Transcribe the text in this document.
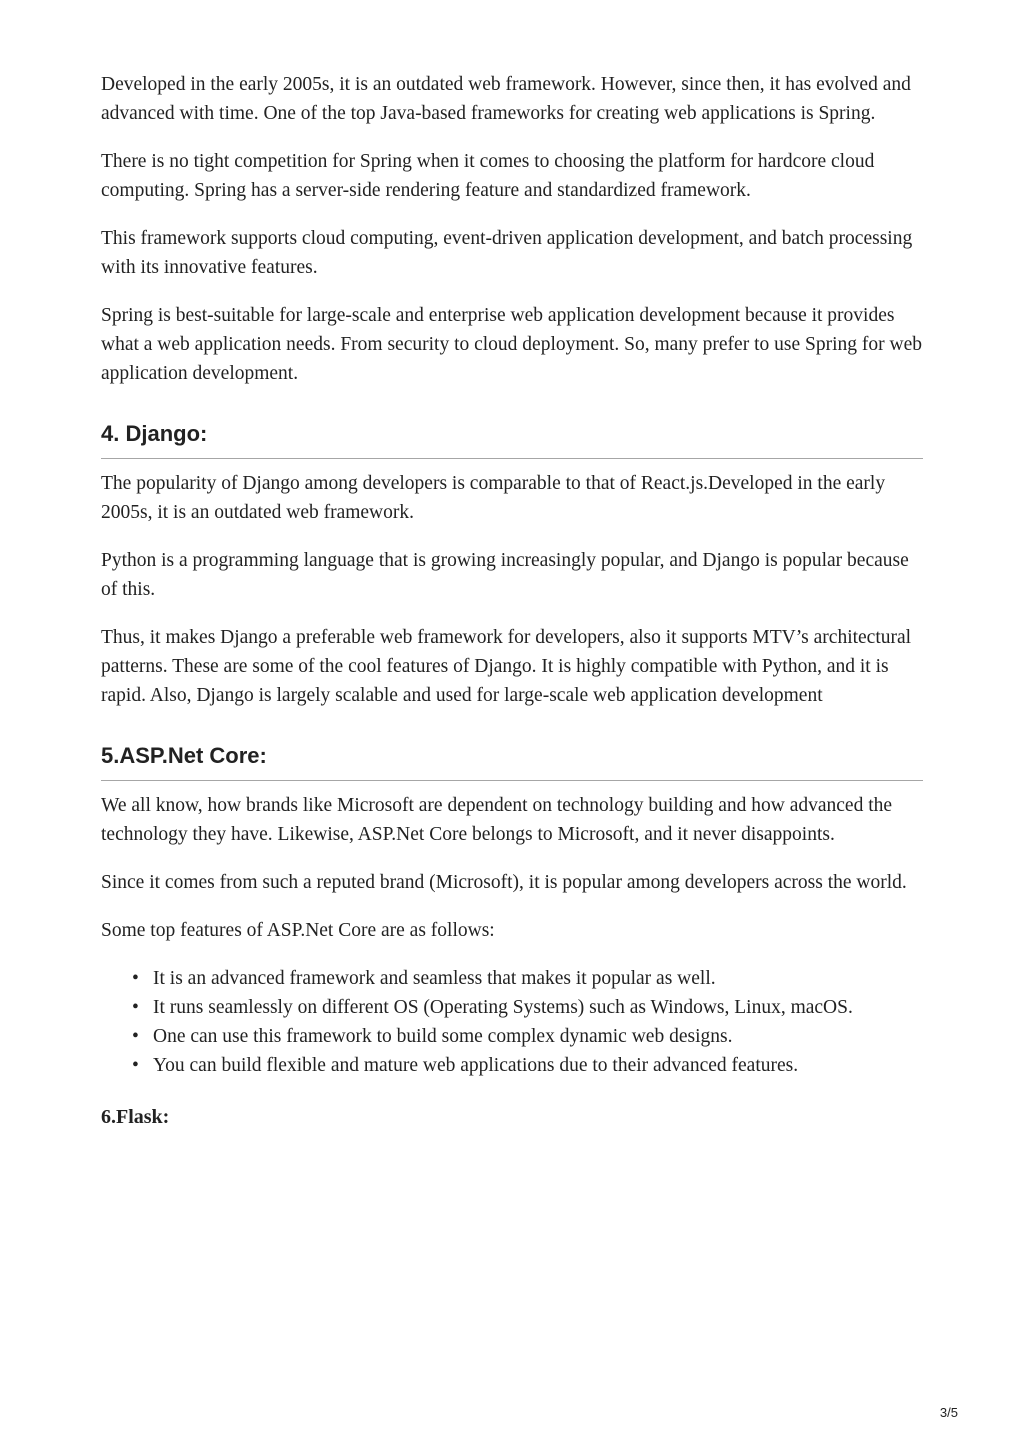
Developed in the early 2005s, it is an outdated web framework. However, since then, it has evolved and advanced with time. One of the top Java-based frameworks for creating web applications is Spring.

There is no tight competition for Spring when it comes to choosing the platform for hardcore cloud computing. Spring has a server-side rendering feature and standardized framework.

This framework supports cloud computing, event-driven application development, and batch processing with its innovative features.

Spring is best-suitable for large-scale and enterprise web application development because it provides what a web application needs. From security to cloud deployment. So, many prefer to use Spring for web application development.

4. Django:

The popularity of Django among developers is comparable to that of React.js.Developed in the early 2005s, it is an outdated web framework.

Python is a programming language that is growing increasingly popular, and Django is popular because of this.

Thus, it makes Django a preferable web framework for developers, also it supports MTV’s architectural patterns. These are some of the cool features of Django. It is highly compatible with Python, and it is rapid. Also, Django is largely scalable and used for large-scale web application development

5.ASP.Net Core:

We all know, how brands like Microsoft are dependent on technology building and how advanced the technology they have. Likewise, ASP.Net Core belongs to Microsoft, and it never disappoints.

Since it comes from such a reputed brand (Microsoft), it is popular among developers across the world.

Some top features of ASP.Net Core are as follows:

• It is an advanced framework and seamless that makes it popular as well.
• It runs seamlessly on different OS (Operating Systems) such as Windows, Linux, macOS.
• One can use this framework to build some complex dynamic web designs.
• You can build flexible and mature web applications due to their advanced features.
6.Flask:
3/5
